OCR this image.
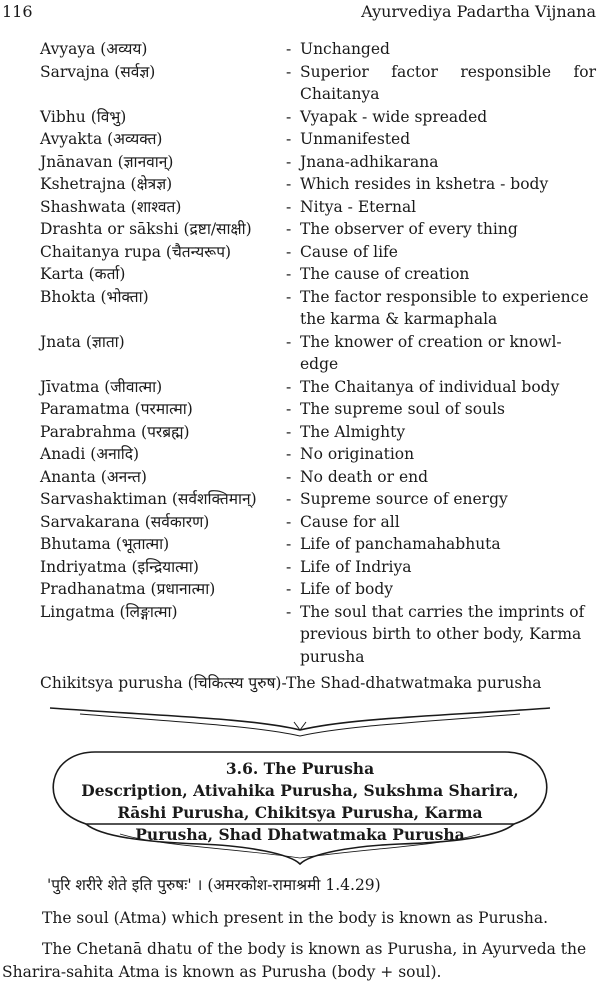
116	Ayurvediya Padartha Vijnana
Avyaya (अव्यय)	- Unchanged
Sarvajna (सर्वज्ञ)	- Superior factor responsible for Chaitanya
Vibhu (विभु)	- Vyapak - wide spreaded
Avyakta (अव्यक्त)	- Unmanifested
Jnānavan (ज्ञानवान्)	- Jnana-adhikarana
Kshetrajna (क्षेत्रज्ञ)	- Which resides in kshetra - body
Shashwata (शाश्वत)	- Nitya - Eternal
Drashta or sākshi (द्रष्टा/साक्षी)	- The observer of every thing
Chaitanya rupa (चैतन्यरूप)	- Cause of life
Karta (कर्ता)	- The cause of creation
Bhokta (भोक्ता)	- The factor responsible to experience the karma & karmaphala
Jnata (ज्ञाता)	- The knower of creation or knowl-edge
Jīvatma (जीवात्मा)	- The Chaitanya of individual body
Paramatma (परमात्मा)	- The supreme soul of souls
Parabrahma (परब्रह्म)	- The Almighty
Anadi (अनादि)	- No origination
Ananta (अनन्त)	- No death or end
Sarvashaktiman (सर्वशक्तिमान्)	- Supreme source of energy
Sarvakarana (सर्वकारण)	- Cause for all
Bhutama (भूतात्मा)	- Life of panchamahabhuta
Indriyatma (इन्द्रियात्मा)	- Life of Indriya
Pradhanatma (प्रधानात्मा)	- Life of body
Lingatma (लिङ्गात्मा)	- The soul that carries the imprints of previous birth to other body, Karma purusha
Chikitsya purusha (चिकित्स्य पुरुष)- The Shad-dhatwatmaka purusha
3.6. The Purusha
Description, Ativahika Purusha, Sukshma Sharira,
Rāshi Purusha, Chikitsya Purusha, Karma
Purusha, Shad Dhatwatmaka Purusha

'पुरि शरीरे शेते इति पुरुषः' । (अमरकोश-रामाश्रमी 1.4.29)

The soul (Atma) which present in the body is known as Purusha.

The Chetanā dhatu of the body is known as Purusha, in Ayurveda the Sharira-sahita Atma is known as Purusha (body + soul).
